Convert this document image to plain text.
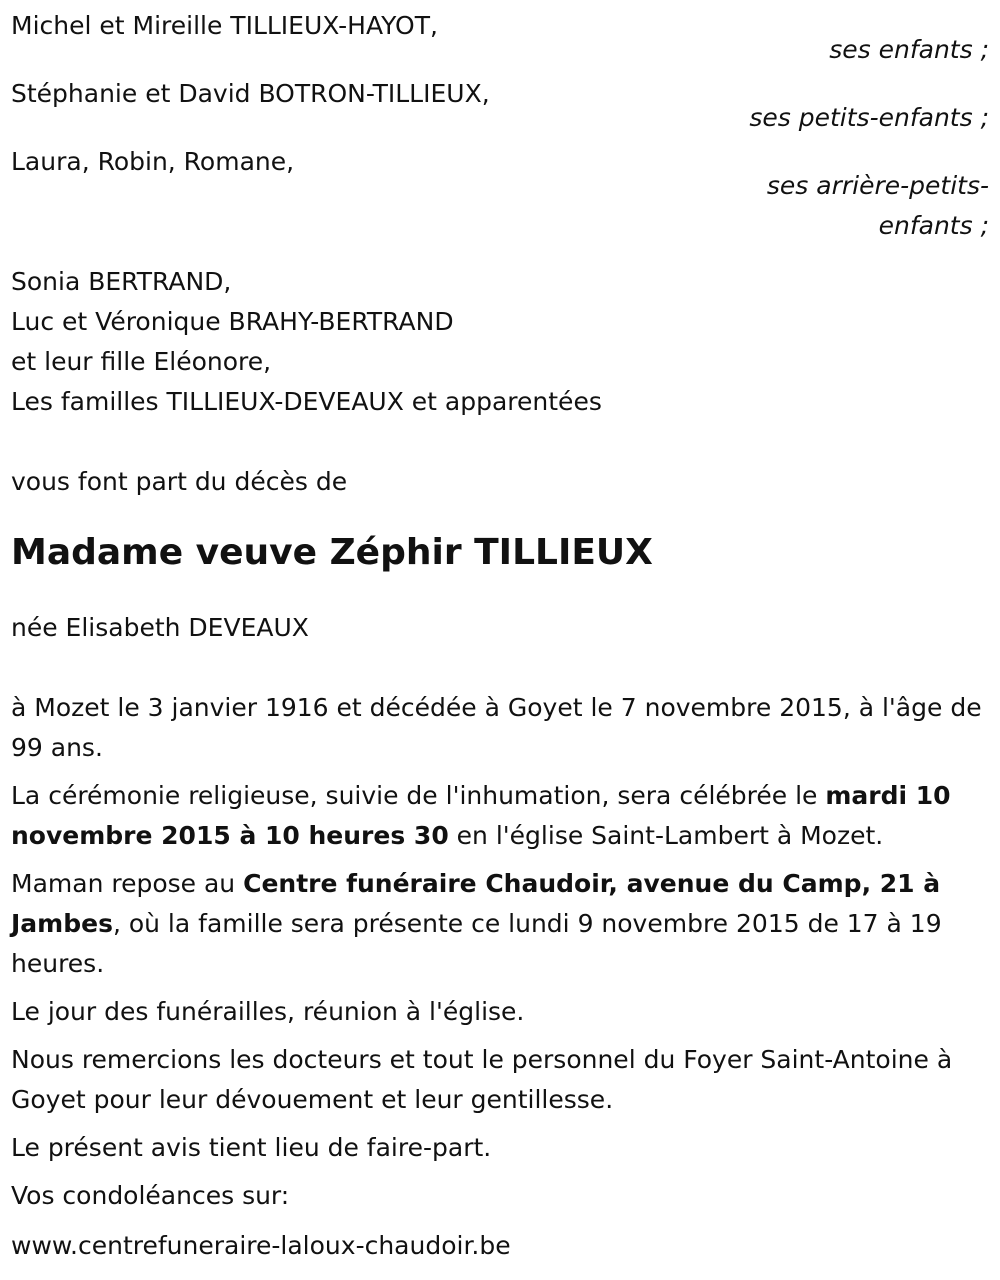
Michel et Mireille TILLIEUX-HAYOT,
ses enfants ;
Stéphanie et David BOTRON-TILLIEUX,
ses petits-enfants ;
Laura, Robin, Romane,
ses arrière-petits-enfants ;
Sonia BERTRAND,
Luc et Véronique BRAHY-BERTRAND
et leur fille Eléonore,
Les familles TILLIEUX-DEVEAUX et apparentées
vous font part du décès de
Madame veuve Zéphir TILLIEUX
née Elisabeth DEVEAUX
à Mozet le 3 janvier 1916 et décédée à Goyet le 7 novembre 2015, à l'âge de 99 ans.
La cérémonie religieuse, suivie de l'inhumation, sera célébrée le mardi 10 novembre 2015 à 10 heures 30 en l'église Saint-Lambert à Mozet.
Maman repose au Centre funéraire Chaudoir, avenue du Camp, 21 à Jambes, où la famille sera présente ce lundi 9 novembre 2015 de 17 à 19 heures.
Le jour des funérailles, réunion à l'église.
Nous remercions les docteurs et tout le personnel du Foyer Saint-Antoine à Goyet pour leur dévouement et leur gentillesse.
Le présent avis tient lieu de faire-part.
Vos condoléances sur:
www.centrefuneraire-laloux-chaudoir.be
